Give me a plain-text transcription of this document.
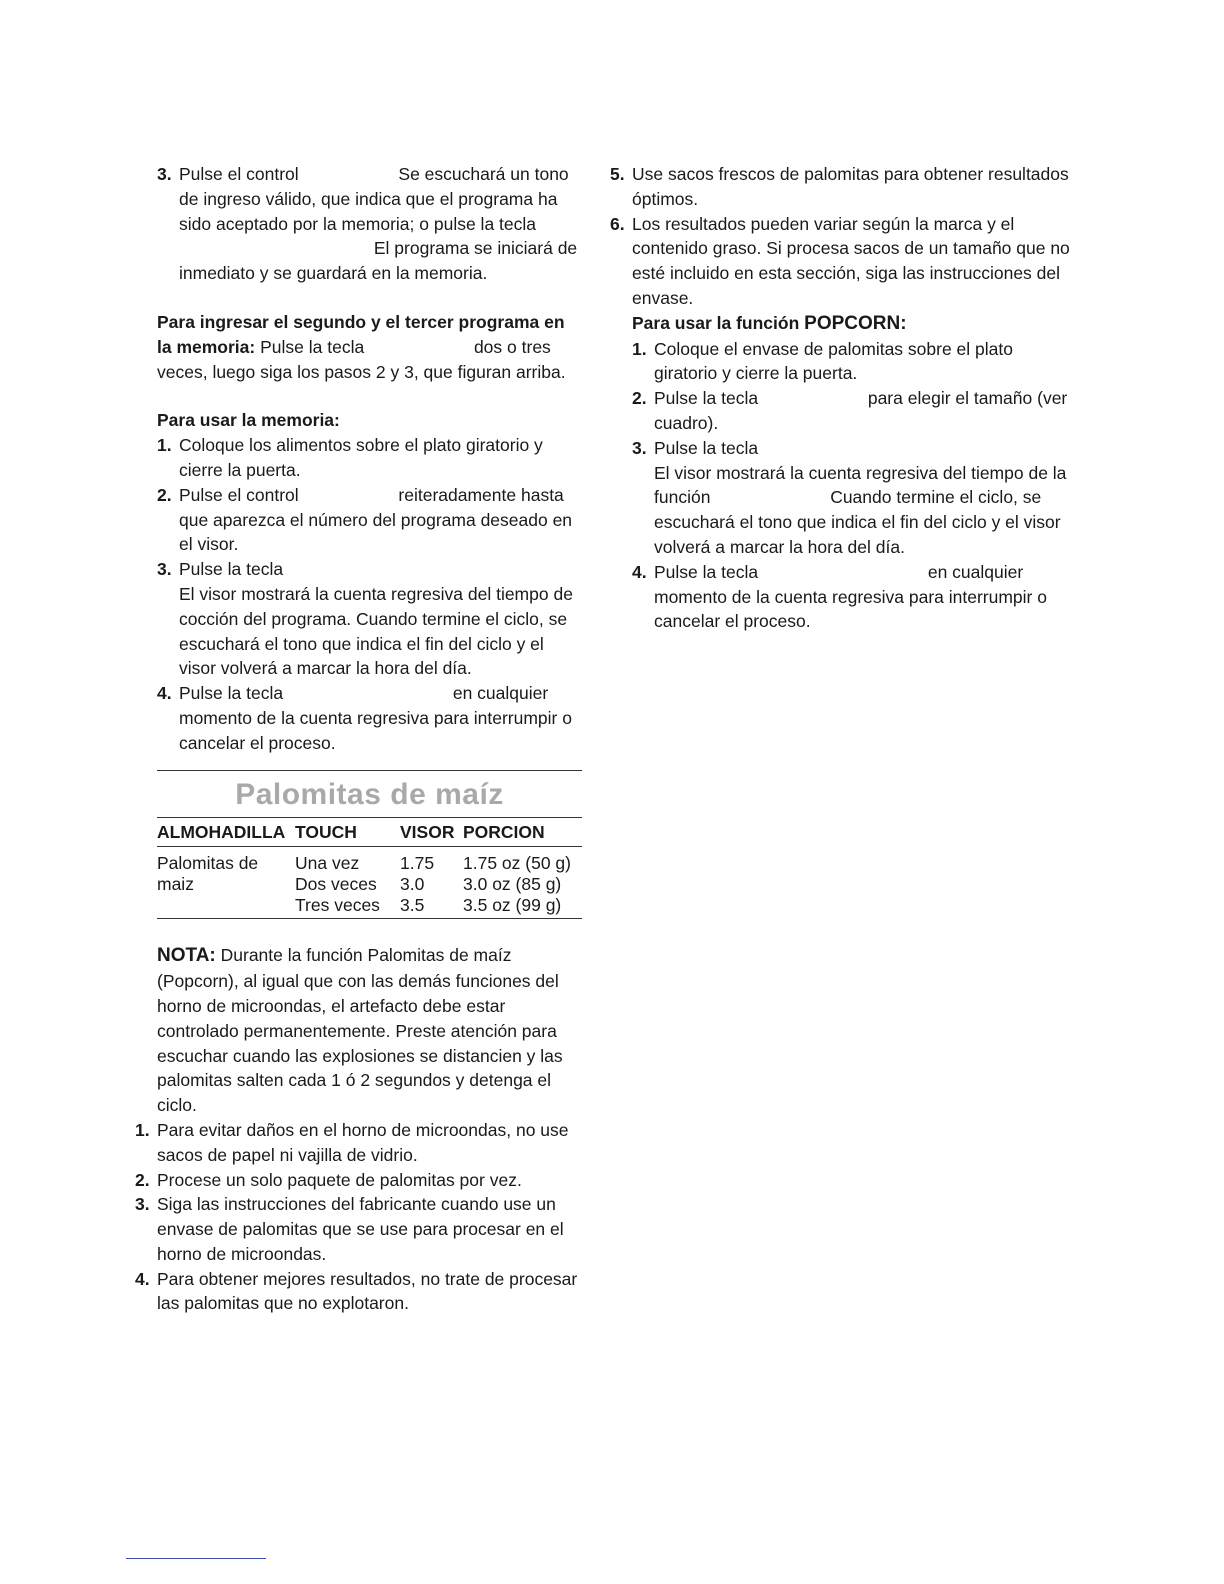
3. Pulse el control	Se escuchará un tono de ingreso válido, que indica que el programa ha sido aceptado por la memoria; o pulse la tecla  El programa se iniciará de inmediato y se guardará en la memoria.

Para ingresar el segundo y el tercer programa en la memoria: Pulse la tecla	dos o tres veces, luego siga los pasos 2 y 3, que figuran arriba.

Para usar la memoria:

1. Coloque los alimentos sobre el plato giratorio y cierre la puerta.
2. Pulse el control	reiteradamente hasta que aparezca el número del programa deseado en el visor.
3. Pulse la tecla
El visor mostrará la cuenta regresiva del tiempo de cocción del programa. Cuando termine el ciclo, se escuchará el tono que indica el fin del ciclo y el visor volverá a marcar la hora del día.
4. Pulse la tecla	en cualquier momento de la cuenta regresiva para interrumpir o cancelar el proceso.
Palomitas de maíz
ALMOHADILLA	TOUCH	VISOR	PORCION
Palomitas de	Una vez	1.75	1.75 oz (50 g)
maiz	Dos veces	3.0	3.0 oz (85 g)
	Tres veces	3.5	3.5 oz (99 g)

NOTA: Durante la función Palomitas de maíz (Popcorn), al igual que con las demás funciones del horno de microondas, el artefacto debe estar controlado permanentemente. Preste atención para escuchar cuando las explosiones se distancien y las palomitas salten cada 1 ó 2 segundos y detenga el ciclo.

1. Para evitar daños en el horno de microondas, no use sacos de papel ni vajilla de vidrio.
2. Procese un solo paquete de palomitas por vez.
3. Siga las instrucciones del fabricante cuando use un envase de palomitas que se use para procesar en el horno de microondas.
4. Para obtener mejores resultados, no trate de procesar las palomitas que no explotaron.
5. Use sacos frescos de palomitas para obtener resultados óptimos.
6. Los resultados pueden variar según la marca y el contenido graso. Si procesa sacos de un tamaño que no esté incluido en esta sección, siga las instrucciones del envase.

Para usar la función POPCORN:

1. Coloque el envase de palomitas sobre el plato giratorio y cierre la puerta.
2. Pulse la tecla	para elegir el tamaño (ver cuadro).
3. Pulse la tecla
El visor mostrará la cuenta regresiva del tiempo de la función	Cuando termine el ciclo, se escuchará el tono que indica el fin del ciclo y el visor volverá a marcar la hora del día.
4. Pulse la tecla	en cualquier momento de la cuenta regresiva para interrumpir o cancelar el proceso.
